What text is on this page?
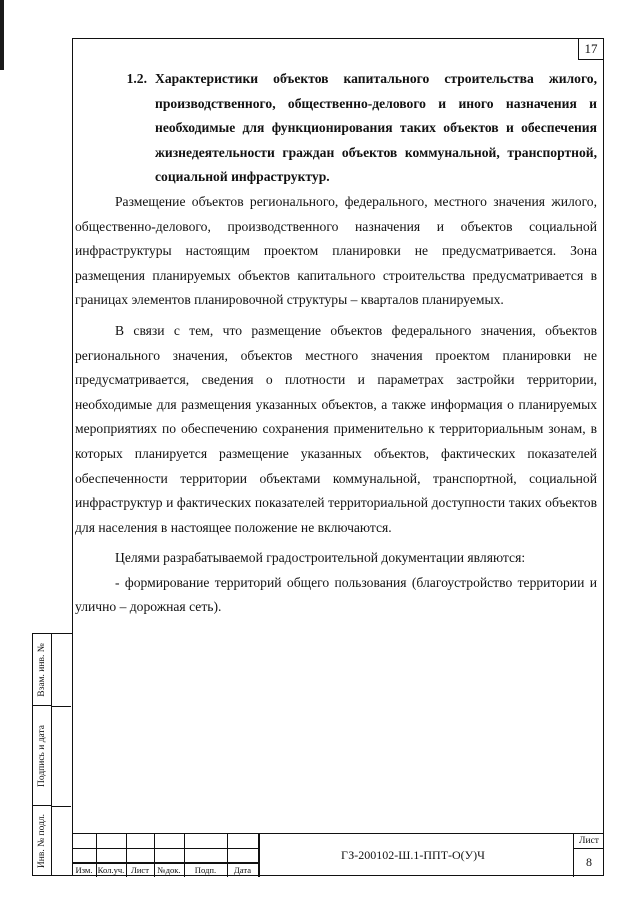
17
1.2. Характеристики объектов капитального строительства жилого, производственного, общественно-делового и иного назначения и необходимые для функционирования таких объектов и обеспечения жизнедеятельности граждан объектов коммунальной, транспортной, социальной инфраструктур.

Размещение объектов регионального, федерального, местного значения жилого, общественно-делового, производственного назначения и объектов социальной инфраструктуры настоящим проектом планировки не предусматривается. Зона размещения планируемых объектов капитального строительства предусматривается в границах элементов планировочной структуры – кварталов планируемых.

В связи с тем, что размещение объектов федерального значения, объектов регионального значения, объектов местного значения проектом планировки не предусматривается, сведения о плотности и параметрах застройки территории, необходимые для размещения указанных объектов, а также информация о планируемых мероприятиях по обеспечению сохранения применительно к территориальным зонам, в которых планируется размещение указанных объектов, фактических показателей обеспеченности территории объектами коммунальной, транспортной, социальной инфраструктур и фактических показателей территориальной доступности таких объектов для населения в настоящее положение не включаются.

Целями разрабатываемой градостроительной документации являются:

- формирование территорий общего пользования (благоустройство территории и улично – дорожная сеть).

Взам. инв. №
Подпись и дата
Инв. № подл.
Изм. Кол.уч. Лист №док.	Подп.	Дата
ГЗ-200102-Ш.1-ППТ-О(У)Ч
Лист
8
